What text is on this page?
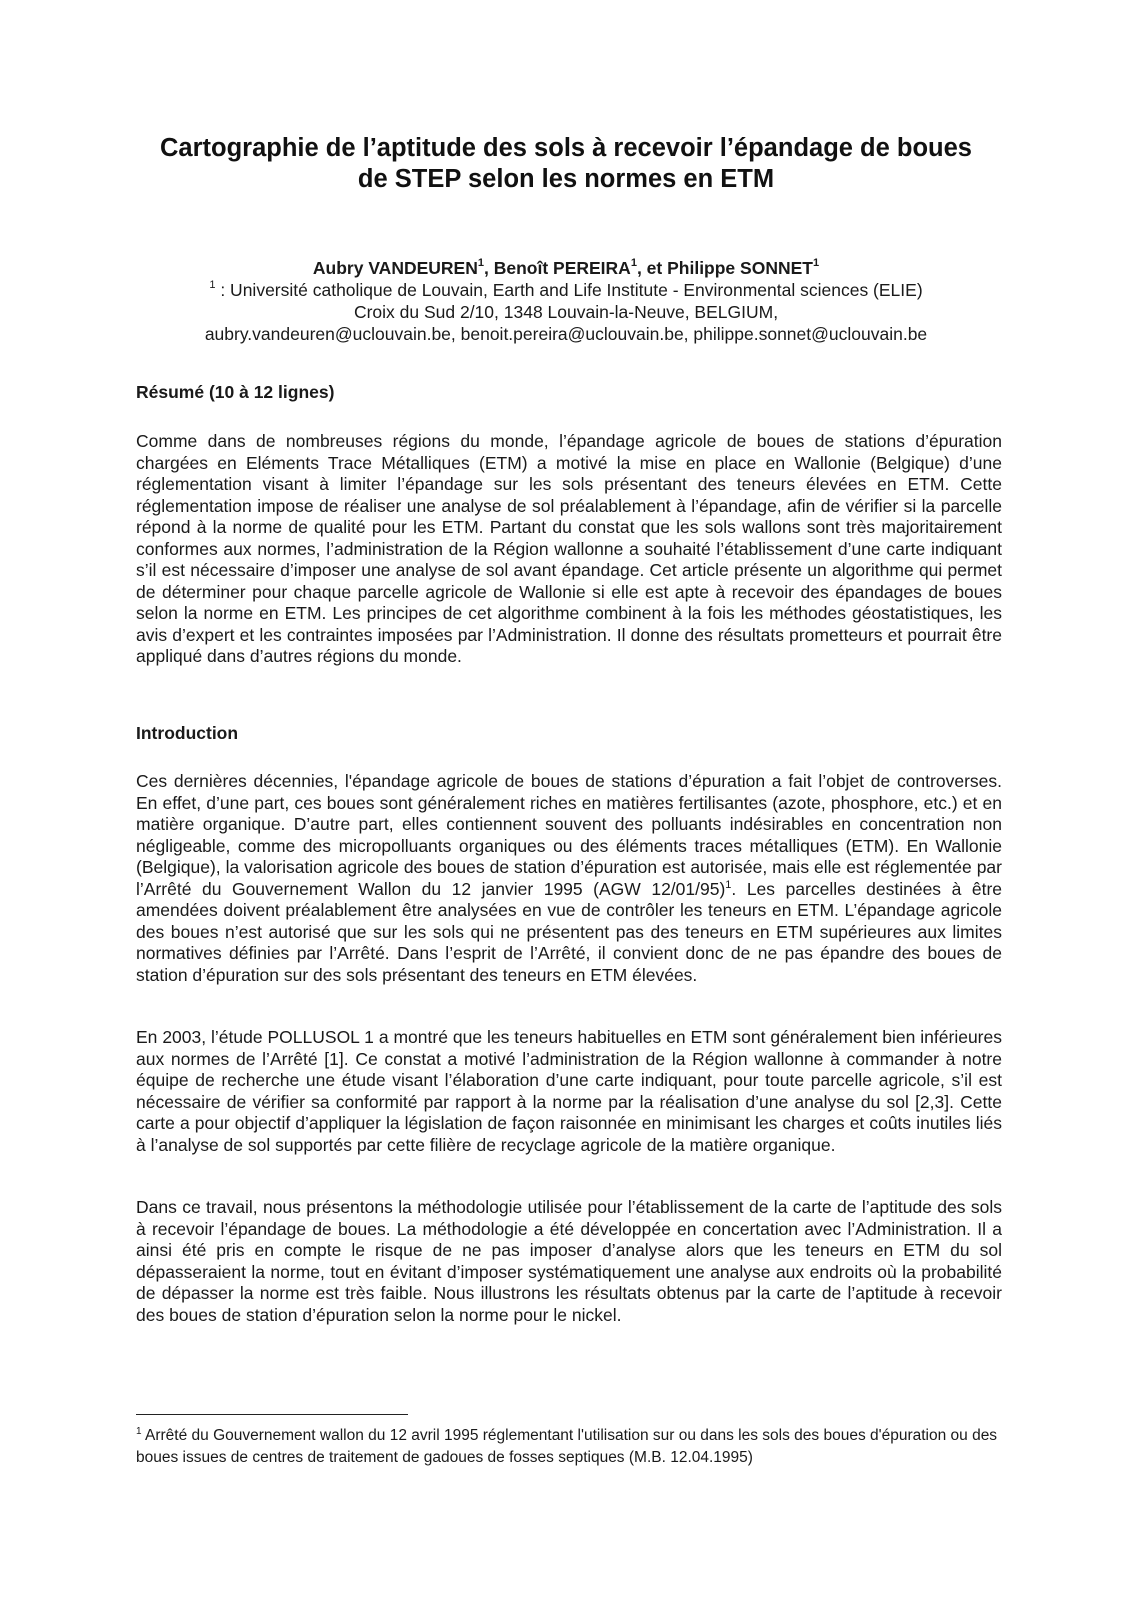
Cartographie de l’aptitude des sols à recevoir l’épandage de boues
de STEP selon les normes en ETM
Aubry VANDEUREN$^1$, Benoît PEREIRA$^1$, et Philippe SONNET$^1$
$^1$ : Université catholique de Louvain, Earth and Life Institute - Environmental sciences (ELIE)
Croix du Sud 2/10, 1348 Louvain-la-Neuve, BELGIUM,
aubry.vandeuren@uclouvain.be, benoit.pereira@uclouvain.be, philippe.sonnet@uclouvain.be
Résumé (10 à 12 lignes)
Comme dans de nombreuses régions du monde, l’épandage agricole de boues de stations d’épuration chargées en Eléments Trace Métalliques (ETM) a motivé la mise en place en Wallonie (Belgique) d’une réglementation visant à limiter l’épandage sur les sols présentant des teneurs élevées en ETM. Cette réglementation impose de réaliser une analyse de sol préalablement à l’épandage, afin de vérifier si la parcelle répond à la norme de qualité pour les ETM. Partant du constat que les sols wallons sont très majoritairement conformes aux normes, l’administration de la Région wallonne a souhaité l’établissement d’une carte indiquant s’il est nécessaire d’imposer une analyse de sol avant épandage. Cet article présente un algorithme qui permet de déterminer pour chaque parcelle agricole de Wallonie si elle est apte à recevoir des épandages de boues selon la norme en ETM. Les principes de cet algorithme combinent à la fois les méthodes géostatistiques, les avis d’expert et les contraintes imposées par l’Administration. Il donne des résultats prometteurs et pourrait être appliqué dans d’autres régions du monde.
Introduction
Ces dernières décennies, l'épandage agricole de boues de stations d’épuration a fait l’objet de controverses. En effet, d’une part, ces boues sont généralement riches en matières fertilisantes (azote, phosphore, etc.) et en matière organique. D’autre part, elles contiennent souvent des polluants indésirables en concentration non négligeable, comme des micropolluants organiques ou des éléments traces métalliques (ETM). En Wallonie (Belgique), la valorisation agricole des boues de station d’épuration est autorisée, mais elle est réglementée par l’Arrêté du Gouvernement Wallon du 12 janvier 1995 (AGW 12/01/95)$^1$. Les parcelles destinées à être amendées doivent préalablement être analysées en vue de contrôler les teneurs en ETM. L’épandage agricole des boues n’est autorisé que sur les sols qui ne présentent pas des teneurs en ETM supérieures aux limites normatives définies par l’Arrêté. Dans l’esprit de l’Arrêté, il convient donc de ne pas épandre des boues de station d’épuration sur des sols présentant des teneurs en ETM élevées.
En 2003, l’étude POLLUSOL 1 a montré que les teneurs habituelles en ETM sont généralement bien inférieures aux normes de l’Arrêté [1]. Ce constat a motivé l’administration de la Région wallonne à commander à notre équipe de recherche une étude visant l’élaboration d’une carte indiquant, pour toute parcelle agricole, s’il est nécessaire de vérifier sa conformité par rapport à la norme par la réalisation d’une analyse du sol [2,3]. Cette carte a pour objectif d’appliquer la législation de façon raisonnée en minimisant les charges et coûts inutiles liés à l’analyse de sol supportés par cette filière de recyclage agricole de la matière organique.
Dans ce travail, nous présentons la méthodologie utilisée pour l’établissement de la carte de l’aptitude des sols à recevoir l’épandage de boues. La méthodologie a été développée en concertation avec l’Administration. Il a ainsi été pris en compte le risque de ne pas imposer d’analyse alors que les teneurs en ETM du sol dépasseraient la norme, tout en évitant d’imposer systématiquement une analyse aux endroits où la probabilité de dépasser la norme est très faible. Nous illustrons les résultats obtenus par la carte de l’aptitude à recevoir des boues de station d’épuration selon la norme pour le nickel.
$^1$ Arrêté du Gouvernement wallon du 12 avril 1995 réglementant l'utilisation sur ou dans les sols des boues d'épuration ou des boues issues de centres de traitement de gadoues de fosses septiques (M.B. 12.04.1995)
